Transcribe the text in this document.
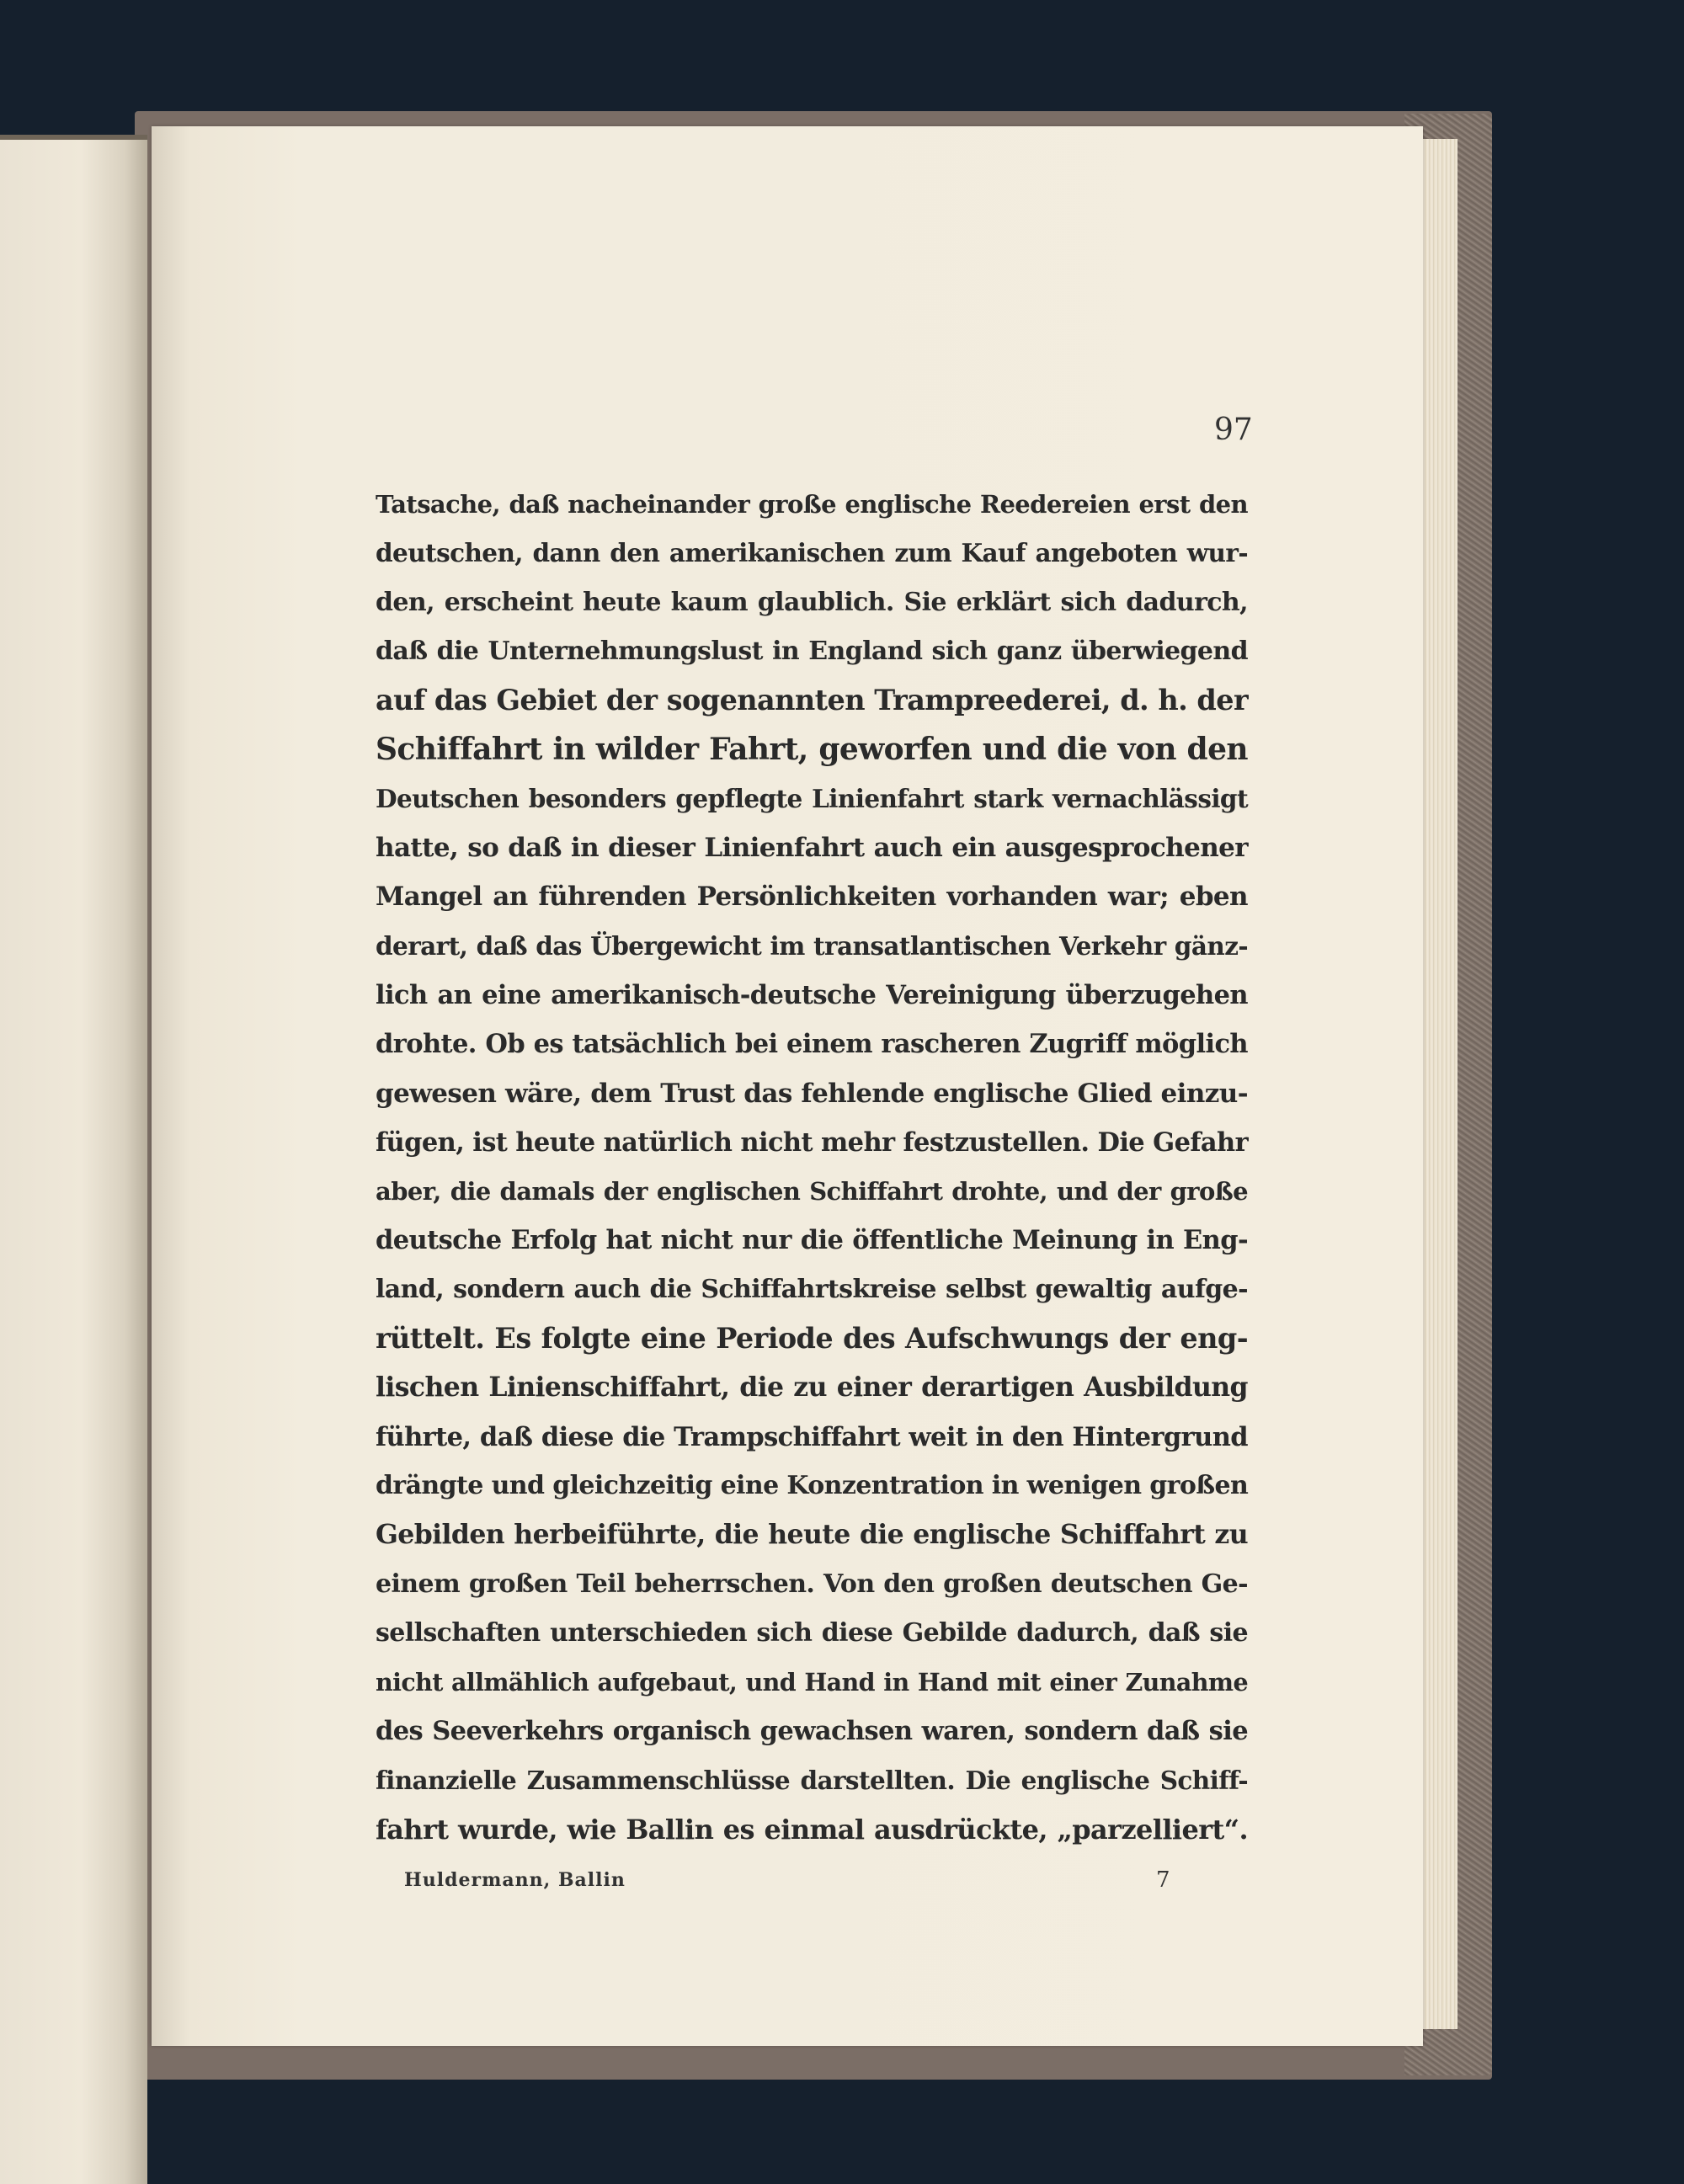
97
Tatsache, daß nacheinander große englische Reedereien erst den
deutschen, dann den amerikanischen zum Kauf angeboten wur-
den, erscheint heute kaum glaublich. Sie erklärt sich dadurch,
daß die Unternehmungslust in England sich ganz überwiegend
auf das Gebiet der sogenannten Trampreederei, d. h. der
Schiffahrt in wilder Fahrt, geworfen und die von den
Deutschen besonders gepflegte Linienfahrt stark vernachlässigt
hatte, so daß in dieser Linienfahrt auch ein ausgesprochener
Mangel an führenden Persönlichkeiten vorhanden war; eben
derart, daß das Übergewicht im transatlantischen Verkehr gänz-
lich an eine amerikanisch-deutsche Vereinigung überzugehen
drohte. Ob es tatsächlich bei einem rascheren Zugriff möglich
gewesen wäre, dem Trust das fehlende englische Glied einzu-
fügen, ist heute natürlich nicht mehr festzustellen. Die Gefahr
aber, die damals der englischen Schiffahrt drohte, und der große
deutsche Erfolg hat nicht nur die öffentliche Meinung in Eng-
land, sondern auch die Schiffahrtskreise selbst gewaltig aufge-
rüttelt. Es folgte eine Periode des Aufschwungs der eng-
lischen Linienschiffahrt, die zu einer derartigen Ausbildung
führte, daß diese die Trampschiffahrt weit in den Hintergrund
drängte und gleichzeitig eine Konzentration in wenigen großen
Gebilden herbeiführte, die heute die englische Schiffahrt zu
einem großen Teil beherrschen. Von den großen deutschen Ge-
sellschaften unterschieden sich diese Gebilde dadurch, daß sie
nicht allmählich aufgebaut, und Hand in Hand mit einer Zunahme
des Seeverkehrs organisch gewachsen waren, sondern daß sie
finanzielle Zusammenschlüsse darstellten. Die englische Schiff-
fahrt wurde, wie Ballin es einmal ausdrückte, „parzelliert“.
Huldermann, Ballin	7
